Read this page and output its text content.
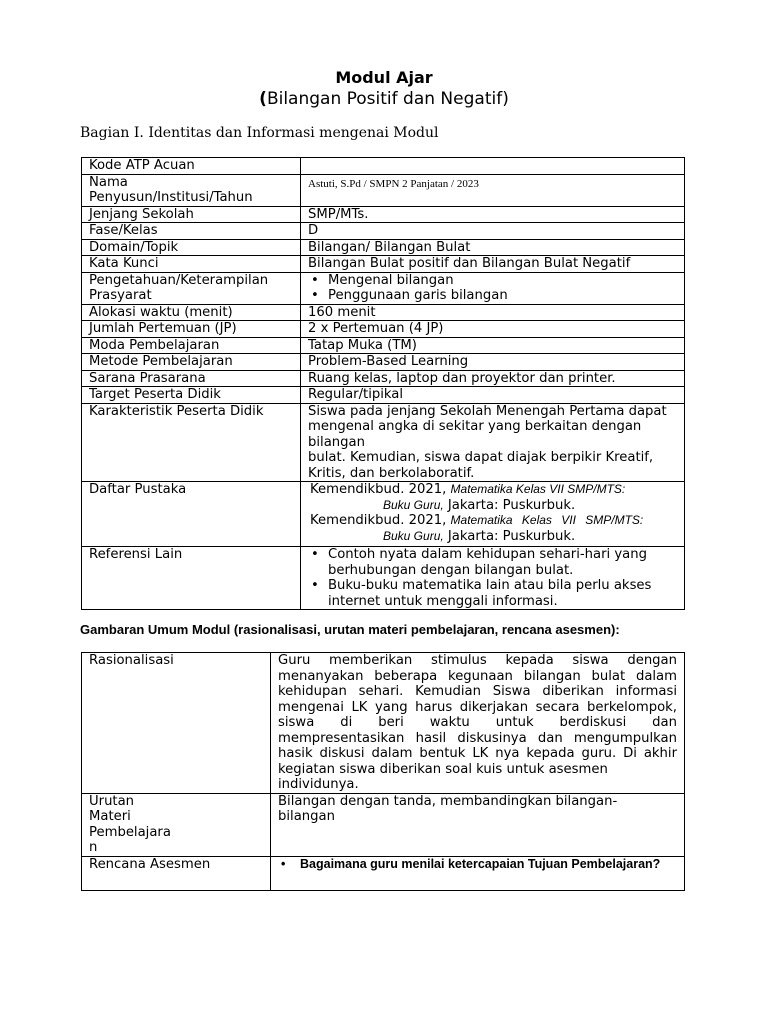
Modul Ajar
(Bilangan Positif dan Negatif)
Bagian I. Identitas dan Informasi mengenai Modul
Kode ATP Acuan	
Nama Penyusun/Institusi/Tahun	Astuti, S.Pd / SMPN 2 Panjatan / 2023
Jenjang Sekolah	SMP/MTs.
Fase/Kelas	D
Domain/Topik	Bilangan/ Bilangan Bulat
Kata Kunci	Bilangan Bulat positif dan Bilangan Bulat Negatif
Pengetahuan/Keterampilan Prasyarat	• Mengenal bilangan
• Penggunaan garis bilangan

Alokasi waktu (menit)	160 menit
Jumlah Pertemuan (JP)	2 x Pertemuan (4 JP)
Moda Pembelajaran	Tatap Muka (TM)
Metode Pembelajaran	Problem-Based Learning
Sarana Prasarana	Ruang kelas, laptop dan proyektor dan printer.
Target Peserta Didik	Regular/tipikal
Karakteristik Peserta Didik	Siswa pada jenjang Sekolah Menengah Pertama dapat mengenal angka di sekitar yang berkaitan dengan bilangan
bulat. Kemudian, siswa dapat diajak berpikir Kreatif, Kritis, dan berkolaboratif.

Daftar Pustaka	Kemendikbud. 2021, Matematika Kelas VII SMP/MTS:
Buku Guru, Jakarta: Puskurbuk.
Kemendikbud. 2021, Matematika Kelas VII SMP/MTS:
Buku Guru, Jakarta: Puskurbuk.

Referensi Lain	• Contoh nyata dalam kehidupan sehari-hari yang berhubungan dengan bilangan bulat.
• Buku-buku matematika lain atau bila perlu akses internet untuk menggali informasi.
Gambaran Umum Modul (rasionalisasi, urutan materi pembelajaran, rencana asesmen):
Rasionalisasi	Guru memberikan stimulus kepada siswa dengan menanyakan beberapa kegunaan bilangan bulat dalam kehidupan sehari. Kemudian Siswa diberikan informasi mengenai LK yang harus dikerjakan secara berkelompok, siswa di beri waktu untuk berdiskusi dan mempresentasikan hasil diskusinya dan mengumpulkan hasik diskusi dalam bentuk LK nya kepada guru. Di akhir kegiatan siswa diberikan soal kuis untuk asesmen
individunya.

Urutan
Materi
Pembelajara
n	Bilangan dengan tanda, membandingkan bilangan-bilangan
Rencana Asesmen	• Bagaimana guru menilai ketercapaian Tujuan Pembelajaran?
